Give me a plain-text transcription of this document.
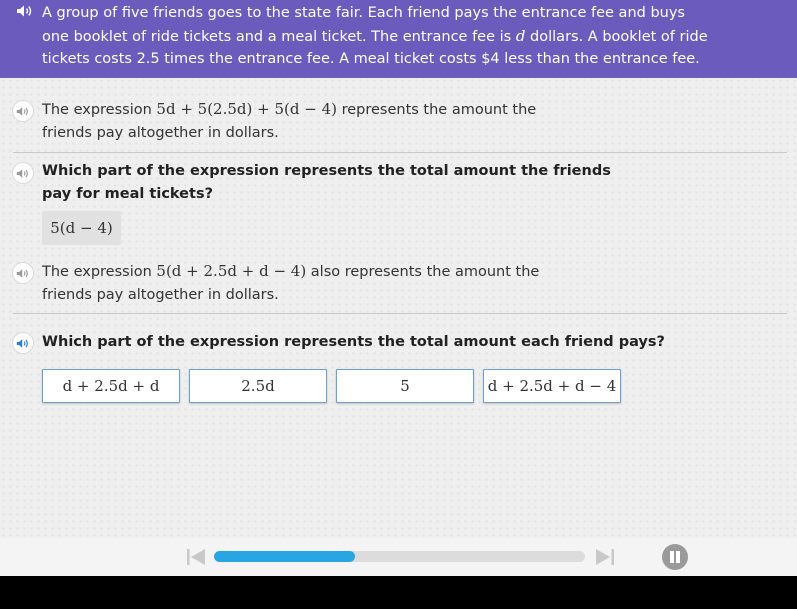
A group of five friends goes to the state fair. Each friend pays the entrance fee and buys
one booklet of ride tickets and a meal ticket. The entrance fee is d dollars. A booklet of ride
tickets costs 2.5 times the entrance fee. A meal ticket costs $4 less than the entrance fee.
The expression 5d + 5(2.5d) + 5(d − 4) represents the amount the
friends pay altogether in dollars.
Which part of the expression represents the total amount the friends
pay for meal tickets?
5(d − 4)
The expression 5(d + 2.5d + d − 4) also represents the amount the
friends pay altogether in dollars.
Which part of the expression represents the total amount each friend pays?
d + 2.5d + d	2.5d	5	d + 2.5d + d − 4
